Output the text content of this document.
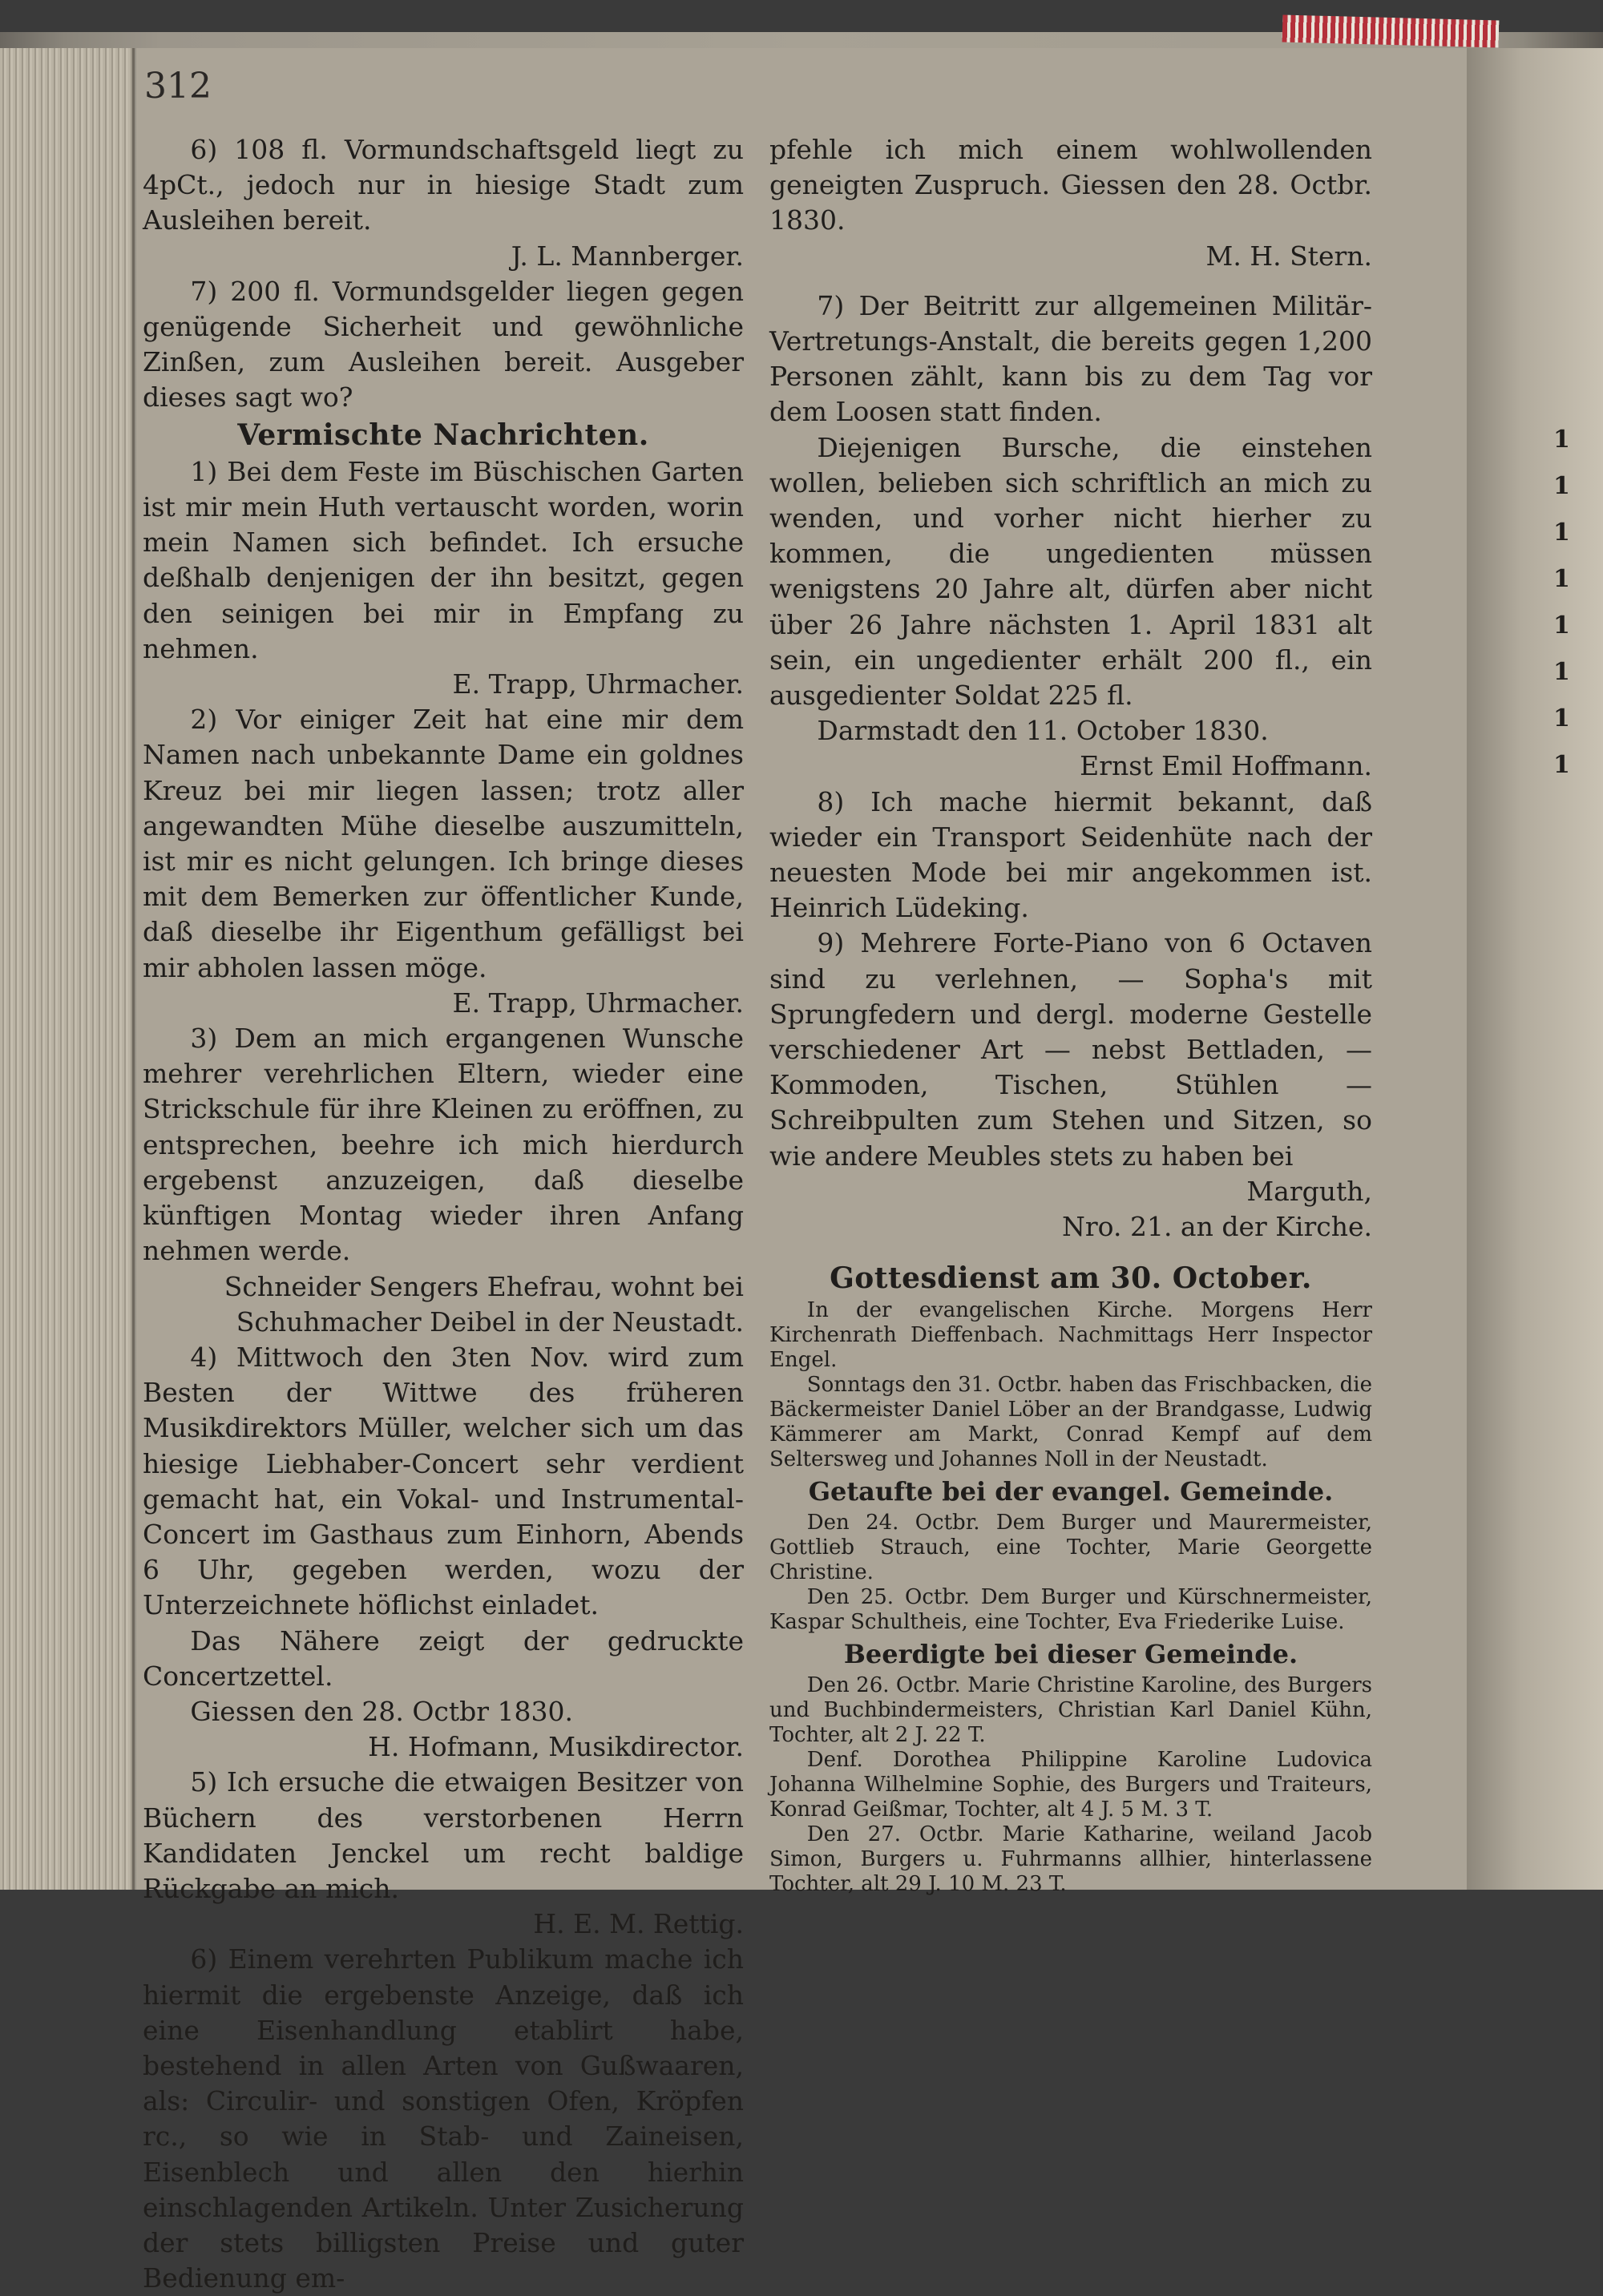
312

6) 108 fl. Vormundschaftsgeld liegt zu 4pCt., jedoch nur in hiesige Stadt zum Ausleihen bereit.

J. L. Mannberger.

7) 200 fl. Vormundsgelder liegen gegen genügende Sicherheit und gewöhnliche Zinßen, zum Ausleihen bereit. Ausgeber dieses sagt wo?

Vermischte Nachrichten.

1) Bei dem Feste im Büschischen Garten ist mir mein Huth vertauscht worden, worin mein Namen sich befindet. Ich ersuche deßhalb denjenigen der ihn besitzt, gegen den seinigen bei mir in Empfang zu nehmen.

E. Trapp, Uhrmacher.

2) Vor einiger Zeit hat eine mir dem Namen nach unbekannte Dame ein goldnes Kreuz bei mir liegen lassen; trotz aller angewandten Mühe dieselbe auszumitteln, ist mir es nicht gelungen. Ich bringe dieses mit dem Bemerken zur öffentlicher Kunde, daß dieselbe ihr Eigenthum gefälligst bei mir abholen lassen möge.

E. Trapp, Uhrmacher.

3) Dem an mich ergangenen Wunsche mehrer verehrlichen Eltern, wieder eine Strickschule für ihre Kleinen zu eröffnen, zu entsprechen, beehre ich mich hierdurch ergebenst anzuzeigen, daß dieselbe künftigen Montag wieder ihren Anfang nehmen werde.

Schneider Sengers Ehefrau, wohnt bei Schuhmacher Deibel in der Neustadt.

4) Mittwoch den 3ten Nov. wird zum Besten der Wittwe des früheren Musikdirektors Müller, welcher sich um das hiesige Liebhaber-Concert sehr verdient gemacht hat, ein Vokal- und Instrumental-Concert im Gasthaus zum Einhorn, Abends 6 Uhr, gegeben werden, wozu der Unterzeichnete höflichst einladet.

Das Nähere zeigt der gedruckte Concertzettel.

Giessen den 28. Octbr 1830.

H. Hofmann, Musikdirector.

5) Ich ersuche die etwaigen Besitzer von Büchern des verstorbenen Herrn Kandidaten Jenckel um recht baldige Rückgabe an mich.

H. E. M. Rettig.

6) Einem verehrten Publikum mache ich hiermit die ergebenste Anzeige, daß ich eine Eisenhandlung etablirt habe, bestehend in allen Arten von Gußwaaren, als: Circulir- und sonstigen Ofen, Kröpfen rc., so wie in Stab- und Zaineisen, Eisenblech und allen den hierhin einschlagenden Artikeln. Unter Zusicherung der stets billigsten Preise und guter Bedienung em-

pfehle ich mich einem wohlwollenden geneigten Zuspruch. Giessen den 28. Octbr. 1830.

M. H. Stern.

7) Der Beitritt zur allgemeinen Militär-Vertretungs-Anstalt, die bereits gegen 1,200 Personen zählt, kann bis zu dem Tag vor dem Loosen statt finden.

Diejenigen Bursche, die einstehen wollen, belieben sich schriftlich an mich zu wenden, und vorher nicht hierher zu kommen, die ungedienten müssen wenigstens 20 Jahre alt, dürfen aber nicht über 26 Jahre nächsten 1. April 1831 alt sein, ein ungedienter erhält 200 fl., ein ausgedienter Soldat 225 fl.

Darmstadt den 11. October 1830.

Ernst Emil Hoffmann.

8) Ich mache hiermit bekannt, daß wieder ein Transport Seidenhüte nach der neuesten Mode bei mir angekommen ist. Heinrich Lüdeking.

9) Mehrere Forte-Piano von 6 Octaven sind zu verlehnen, — Sopha's mit Sprungfedern und dergl. moderne Gestelle verschiedener Art — nebst Bettladen, — Kommoden, Tischen, Stühlen — Schreibpulten zum Stehen und Sitzen, so wie andere Meubles stets zu haben bei

Marguth,

Nro. 21. an der Kirche.

Gottesdienst am 30. October.

In der evangelischen Kirche. Morgens Herr Kirchenrath Dieffenbach. Nachmittags Herr Inspector Engel.

Sonntags den 31. Octbr. haben das Frischbacken, die Bäckermeister Daniel Löber an der Brandgasse, Ludwig Kämmerer am Markt, Conrad Kempf auf dem Seltersweg und Johannes Noll in der Neustadt.

Getaufte bei der evangel. Gemeinde.

Den 24. Octbr. Dem Burger und Maurermeister, Gottlieb Strauch, eine Tochter, Marie Georgette Christine.

Den 25. Octbr. Dem Burger und Kürschnermeister, Kaspar Schultheis, eine Tochter, Eva Friederike Luise.

Beerdigte bei dieser Gemeinde.

Den 26. Octbr. Marie Christine Karoline, des Burgers und Buchbindermeisters, Christian Karl Daniel Kühn, Tochter, alt 2 J. 22 T.

Denf. Dorothea Philippine Karoline Ludovica Johanna Wilhelmine Sophie, des Burgers und Traiteurs, Konrad Geißmar, Tochter, alt 4 J. 5 M. 3 T.

Den 27. Octbr. Marie Katharine, weiland Jacob Simon, Burgers u. Fuhrmanns allhier, hinterlassene Tochter, alt 29 J. 10 M. 23 T.

1
1
1
1
1
1
1
1
